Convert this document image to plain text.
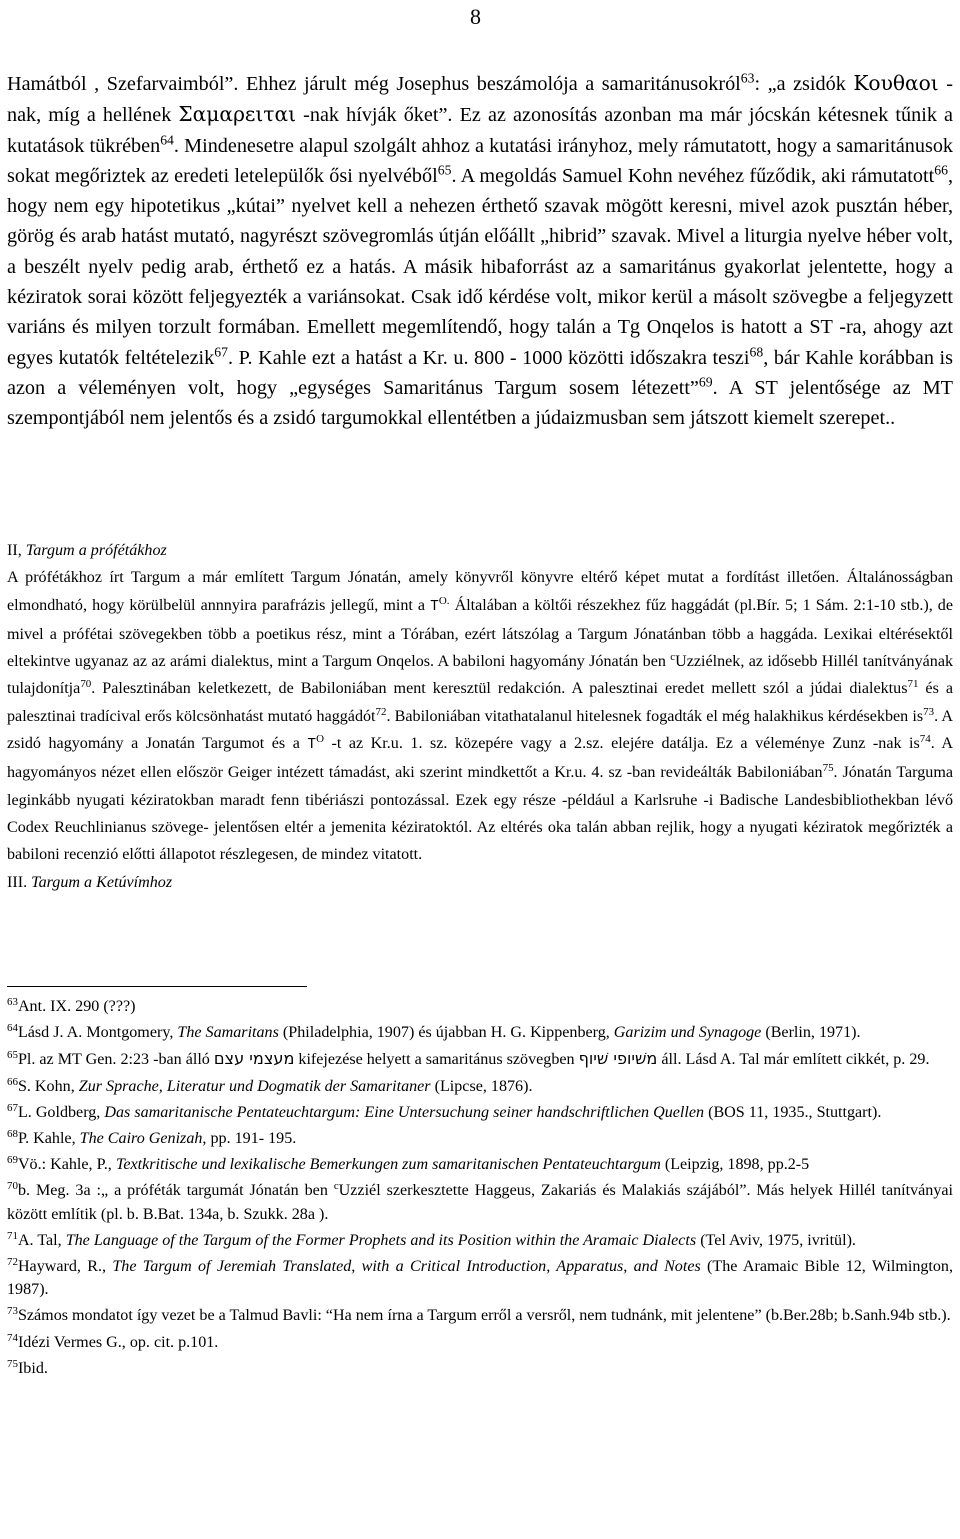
8

Hamátból , Szefarvaimból”. Ehhez járult még Josephus beszámolója a samaritánusokról$^{63}$: „a zsidók Κουθαοι -nak, míg a hellének Σαμαρειται -nak hívják őket”. Ez az azonosítás azonban ma már jócskán kétesnek tűnik a kutatások tükrében$^{64}$. Mindenesetre alapul szolgált ahhoz a kutatási irányhoz, mely rámutatott, hogy a samaritánusok sokat megőriztek az eredeti letelepülők ősi nyelvéből$^{65}$. A megoldás Samuel Kohn nevéhez fűződik, aki rámutatott$^{66}$, hogy nem egy hipotetikus „kútai” nyelvet kell a nehezen érthető szavak mögött keresni, mivel azok pusztán héber, görög és arab hatást mutató, nagyrészt szövegromlás útján előállt „hibrid” szavak. Mivel a liturgia nyelve héber volt, a beszélt nyelv pedig arab, érthető ez a hatás. A másik hibaforrást az a samaritánus gyakorlat jelentette, hogy a kéziratok sorai között feljegyezték a variánsokat. Csak idő kérdése volt, mikor kerül a másolt szövegbe a feljegyzett variáns és milyen torzult formában. Emellett megemlítendő, hogy talán a Tg Onqelos is hatott a ST -ra, ahogy azt egyes kutatók feltételezik$^{67}$. P. Kahle ezt a hatást a Kr. u. 800 - 1000 közötti időszakra teszi$^{68}$, bár Kahle korábban is azon a véleményen volt, hogy „egységes Samaritánus Targum sosem létezett”$^{69}$. A ST jelentősége az MT szempontjából nem jelentős és a zsidó targumokkal ellentétben a júdaizmusban sem játszott kiemelt szerepet..

II, Targum a prófétákhoz

A prófétákhoz írt Targum a már említett Targum Jónatán, amely könyvről könyvre eltérő képet mutat a fordítást illetően. Általánosságban elmondható, hogy körülbelül annnyira parafrázis jellegű, mint a $T^{O.}$ Általában a költői részekhez fűz haggádát (pl.Bír. 5; 1 Sám. 2:1-10 stb.), de mivel a prófétai szövegekben több a poetikus rész, mint a Tórában, ezért látszólag a Targum Jónatánban több a haggáda. Lexikai eltérésektől eltekintve ugyanaz az az arámi dialektus, mint a Targum Onqelos. A babiloni hagyomány Jónatán ben $^c$Uzziélnek, az idősebb Hillél tanítványának tulajdonítja$^{70}$. Palesztinában keletkezett, de Babiloniában ment keresztül redakción. A palesztinai eredet mellett szól a júdai dialektus$^{71}$ és a palesztinai tradícival erős kölcsönhatást mutató haggádót$^{72}$. Babiloniában vitathatalanul hitelesnek fogadták el még halakhikus kérdésekben $is^{73}$. A zsidó hagyomány a Jonatán Targumot és a $T^O$ -t az Kr.u. 1. sz. közepére vagy a 2.sz. elejére datálja. Ez a véleménye Zunz -nak $is^{74}$. A hagyományos nézet ellen először Geiger intézett támadást, aki szerint mindkettőt a Kr.u. 4. sz -ban revideálták Babiloniában$^{75}$. Jónatán Targuma leginkább nyugati kéziratokban maradt fenn tibériászi pontozással. Ezek egy része -például a Karlsruhe -i Badische Landesbibliothekban lévő Codex Reuchlinianus szövege- jelentősen eltér a jemenita kéziratoktól. Az eltérés oka talán abban rejlik, hogy a nyugati kéziratok megőrizték a babiloni recenzió előtti állapotot részlegesen, de mindez vitatott.

III. Targum a Ketúvímhoz

$^{63}$Ant. IX. 290 (???)

$^{64}$Lásd J. A. Montgomery, The Samaritans (Philadelphia, 1907) és újabban H. G. Kippenberg, Garizim und Synagoge (Berlin, 1971).

$^{65}$Pl. az MT Gen. 2:23 -ban álló מעצמי עצם kifejezése helyett a samaritánus szövegben משׁיופי שׁיוף áll. Lásd A. Tal már említett cikkét, p. 29.

$^{66}$S. Kohn, Zur Sprache, Literatur und Dogmatik der Samaritaner (Lipcse, 1876).

$^{67}$L. Goldberg, Das samaritanische Pentateuchtargum: Eine Untersuchung seiner handschriftlichen Quellen (BOS 11, 1935., Stuttgart).

$^{68}$P. Kahle, The Cairo Genizah, pp. 191- 195.

$^{69}$Vö.: Kahle, P., Textkritische und lexikalische Bemerkungen zum samaritanischen Pentateuchtargum (Leipzig, 1898, pp.2-5

$^{70}$b. Meg. 3a :„ a próféták targumát Jónatán ben $^c$Uzziél szerkesztette Haggeus, Zakariás és Malakiás szájából”. Más helyek Hillél tanítványai között említik (pl. b. B.Bat. 134a, b. Szukk. 28a ).

$^{71}$A. Tal, The Language of the Targum of the Former Prophets and its Position within the Aramaic Dialects (Tel Aviv, 1975, ivritül).

$^{72}$Hayward, R., The Targum of Jeremiah Translated, with a Critical Introduction, Apparatus, and Notes (The Aramaic Bible 12, Wilmington, 1987).

$^{73}$Számos mondatot így vezet be a Talmud Bavli: “Ha nem írna a Targum erről a versről, nem tudnánk, mit jelentene” (b.Ber.28b; b.Sanh.94b stb.).

$^{74}$Idézi Vermes G., op. cit. p.101.

$^{75}$Ibid.
